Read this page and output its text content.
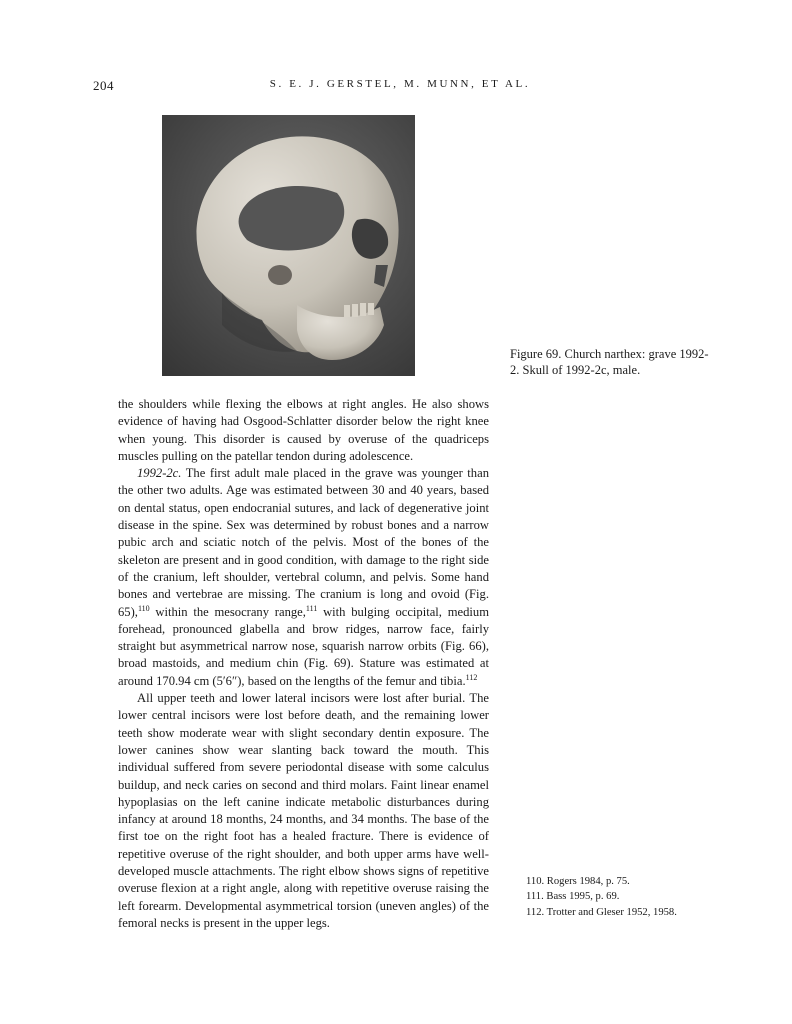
204	S. E. J. GERSTEL, M. MUNN, ET AL.
Figure 69. Church narthex: grave 1992-2. Skull of 1992-2c, male.

the shoulders while flexing the elbows at right angles. He also shows evidence of having had Osgood-Schlatter disorder below the right knee when young. This disorder is caused by overuse of the quadriceps muscles pulling on the patellar tendon during adolescence.

1992-2c. The first adult male placed in the grave was younger than the other two adults. Age was estimated between 30 and 40 years, based on dental status, open endocranial sutures, and lack of degenerative joint disease in the spine. Sex was determined by robust bones and a narrow pubic arch and sciatic notch of the pelvis. Most of the bones of the skeleton are present and in good condition, with damage to the right side of the cranium, left shoulder, vertebral column, and pelvis. Some hand bones and vertebrae are missing. The cranium is long and ovoid (Fig. 65),$^{110}$ within the mesocrany range,$^{111}$ with bulging occipital, medium forehead, pronounced glabella and brow ridges, narrow face, fairly straight but asymmetrical narrow nose, squarish narrow orbits (Fig. 66), broad mastoids, and medium chin (Fig. 69). Stature was estimated at around 170.94 cm (5′6″), based on the lengths of the femur and tibia.$^{112}$

All upper teeth and lower lateral incisors were lost after burial. The lower central incisors were lost before death, and the remaining lower teeth show moderate wear with slight secondary dentin exposure. The lower canines show wear slanting back toward the mouth. This individual suffered from severe periodontal disease with some calculus buildup, and neck caries on second and third molars. Faint linear enamel hypoplasias on the left canine indicate metabolic disturbances during infancy at around 18 months, 24 months, and 34 months. The base of the first toe on the right foot has a healed fracture. There is evidence of repetitive overuse of the right shoulder, and both upper arms have well-developed muscle attachments. The right elbow shows signs of repetitive overuse flexion at a right angle, along with repetitive overuse raising the left forearm. Developmental asymmetrical torsion (uneven angles) of the femoral necks is present in the upper legs.

110. Rogers 1984, p. 75.

111. Bass 1995, p. 69.

112. Trotter and Gleser 1952, 1958.
